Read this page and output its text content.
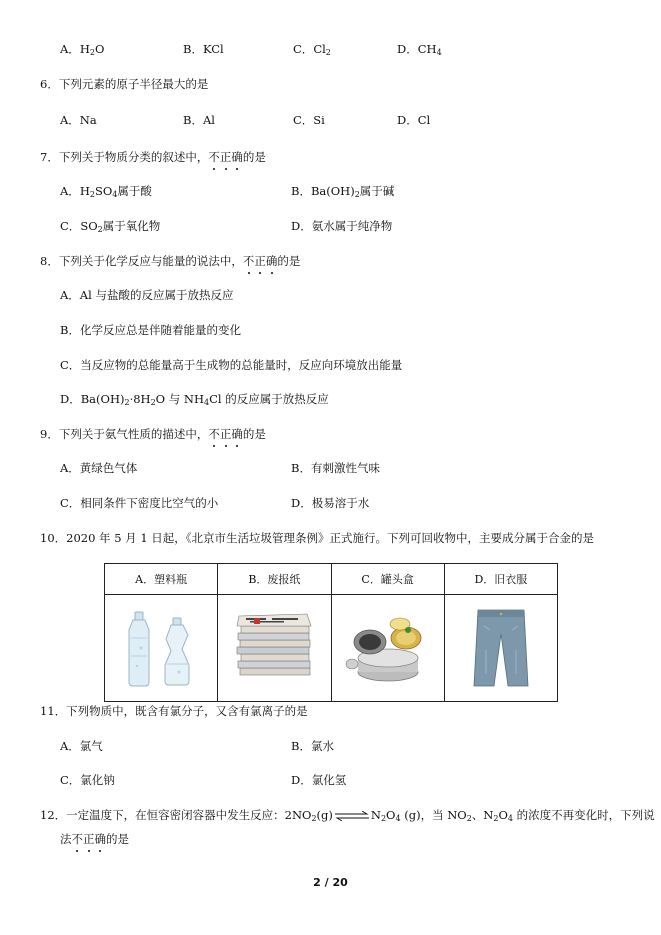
A．$H_2O$	B．KCl	C．$Cl_2$	D．$CH_4$
6．下列元素的原子半径最大的是
A．Na	B．Al	C．Si	D．Cl
7．下列关于物质分类的叙述中，不正确的是
A．$H_2SO_4$属于酸	B．$Ba(OH)_2$属于碱
C．$SO_2$属于氧化物	D．氨水属于纯净物
8．下列关于化学反应与能量的说法中，不正确的是
A．Al 与盐酸的反应属于放热反应
B．化学反应总是伴随着能量的变化
C．当反应物的总能量高于生成物的总能量时，反应向环境放出能量
D．$Ba(OH)_2\cdot 8H_2O$ 与 $NH_4Cl$ 的反应属于放热反应
9．下列关于氨气性质的描述中，不正确的是
A．黄绿色气体	B．有刺激性气味
C．相同条件下密度比空气的小	D．极易溶于水
10．2020 年 5 月 1 日起，《北京市生活垃圾管理条例》正式施行。下列可回收物中，主要成分属于合金的是
A．塑料瓶	B．废报纸	C．罐头盒	D．旧衣服

11．下列物质中，既含有氯分子，又含有氯离子的是
A．氯气	B．氯水
C．氯化钠	D．氯化氢
12．一定温度下，在恒容密闭容器中发生反应：$2NO_2(g)\rightleftharpoons N_2O_4$ (g)，当 $NO_2$、$N_2O_4$ 的浓度不再变化时，下列说
法不正确的是
2 / 20
